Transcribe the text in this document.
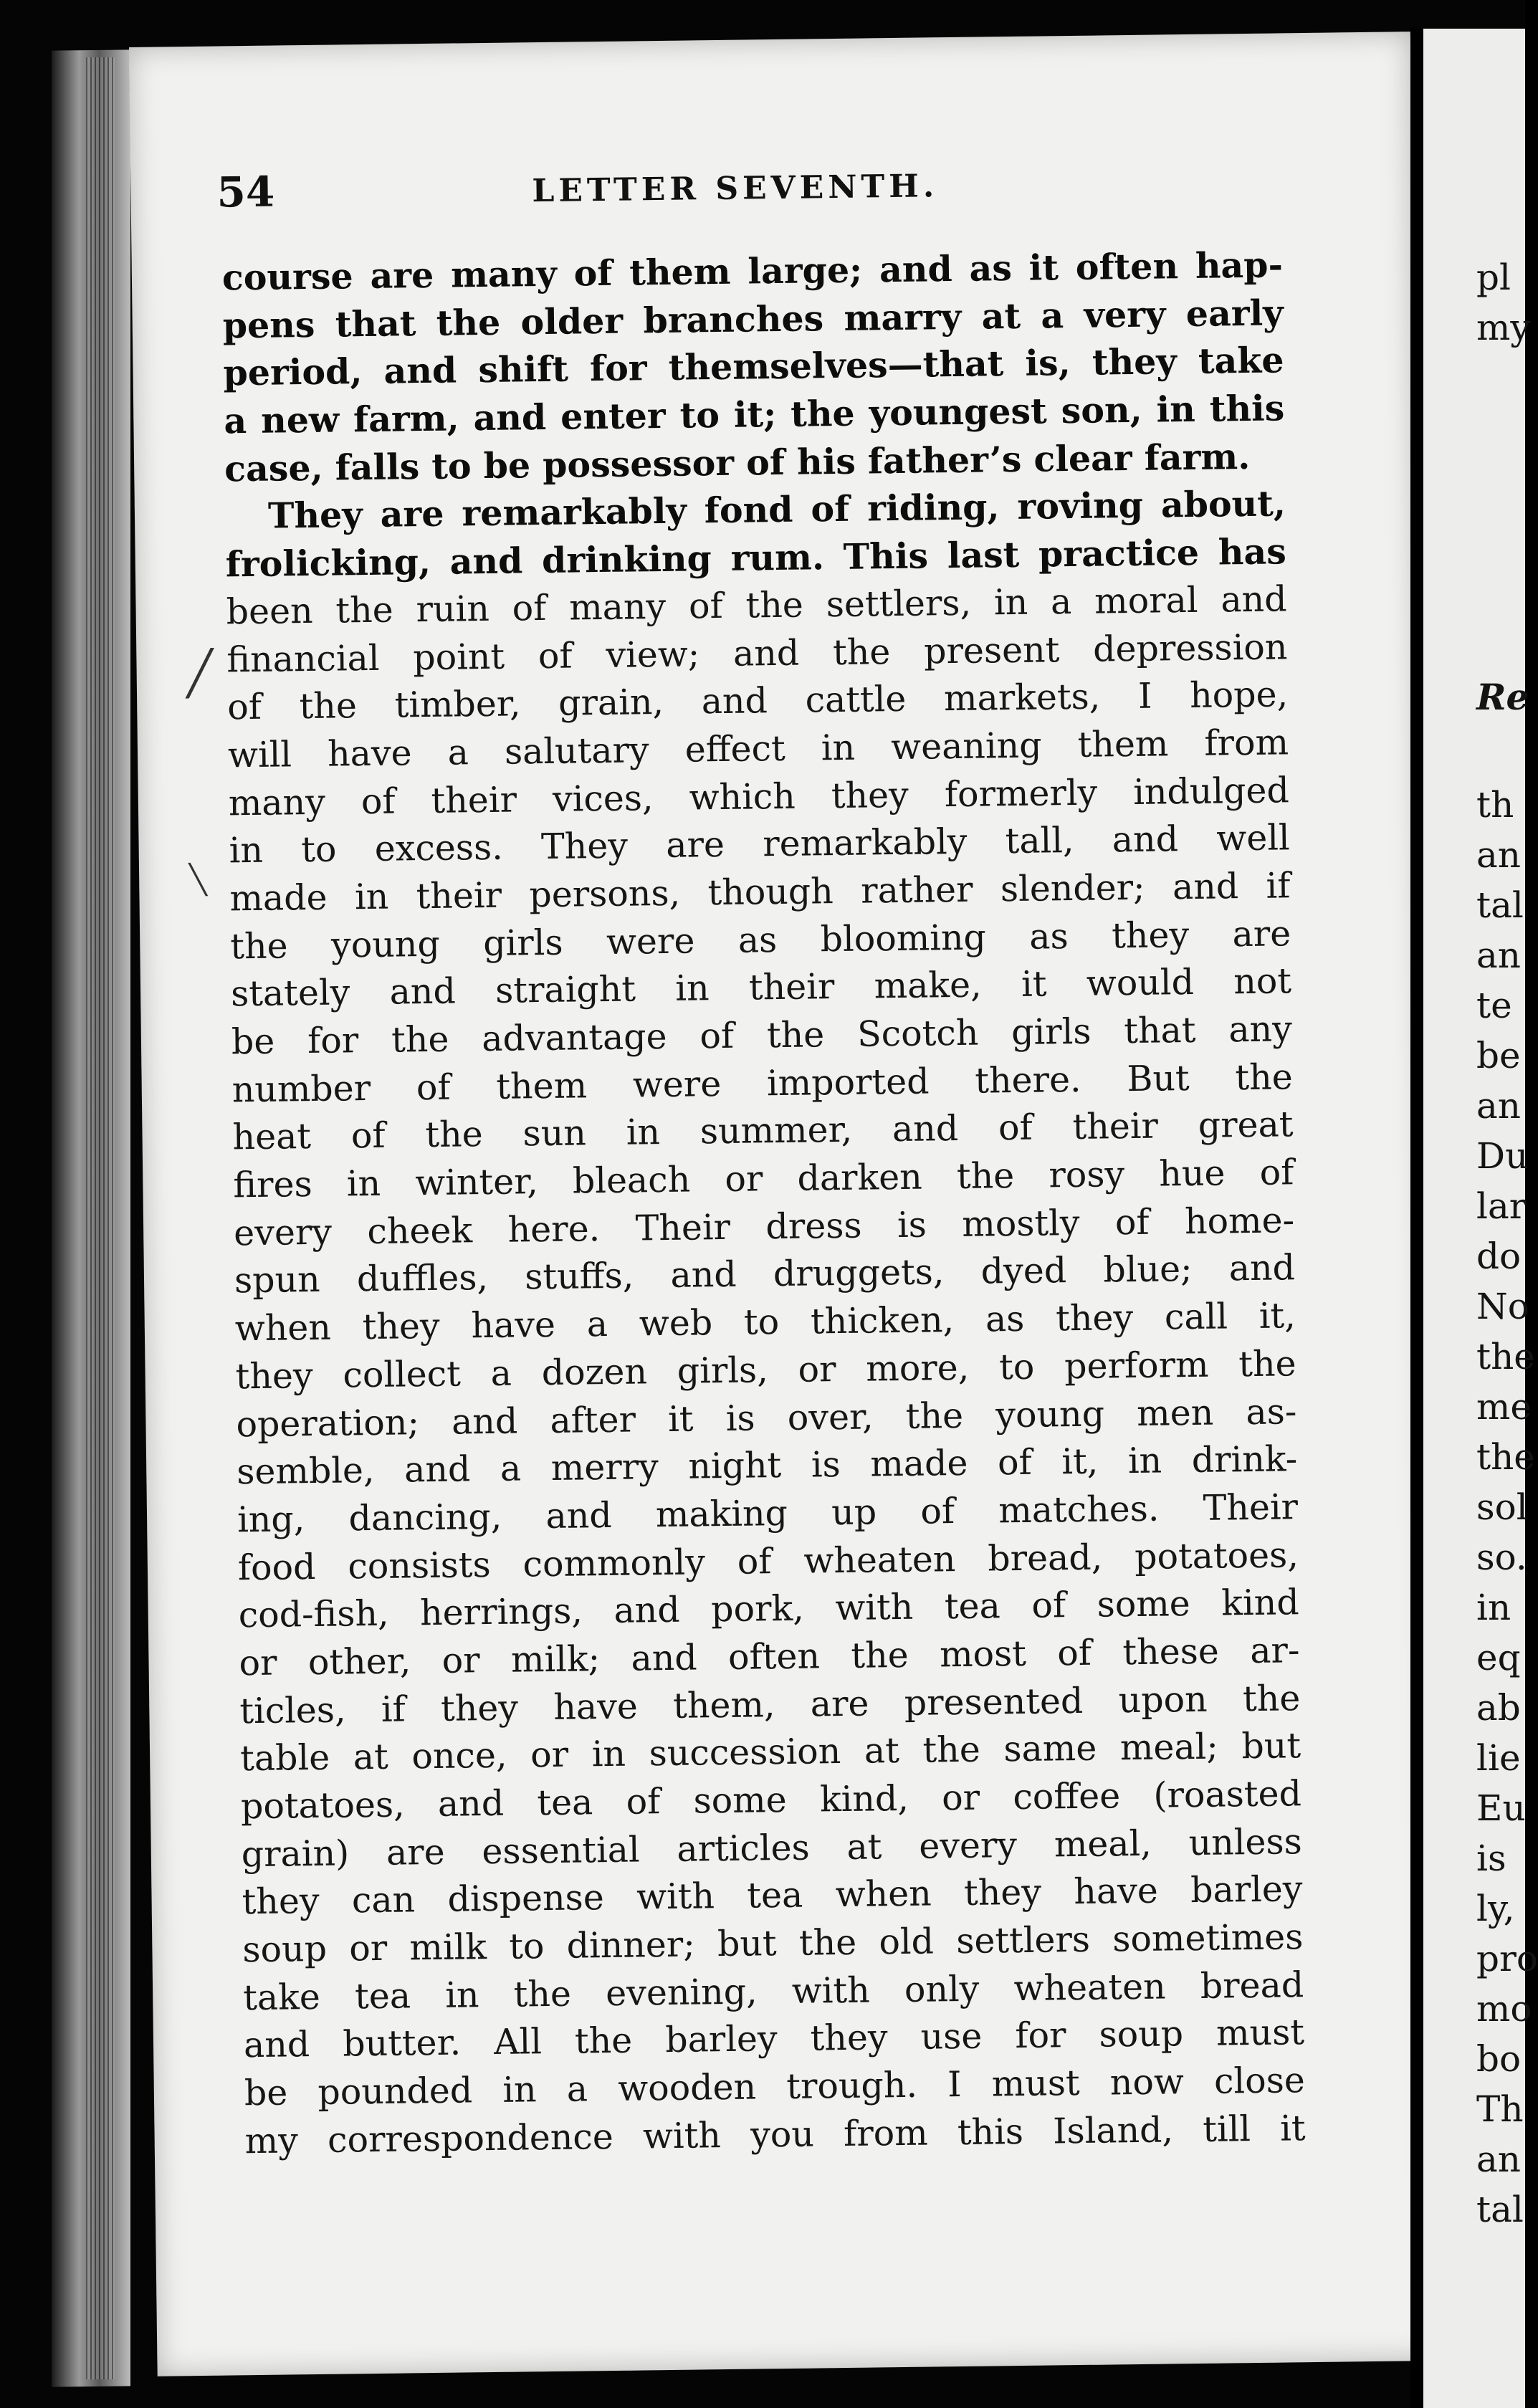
54	LETTER SEVENTH.
╱
╲
course are many of them large; and as it often hap-
pens that the older branches marry at a very early
period, and shift for themselves—that is, they take
a new farm, and enter to it; the youngest son, in this
case, falls to be possessor of his father’s clear farm.
They are remarkably fond of riding, roving about,
frolicking, and drinking rum. This last practice has
been the ruin of many of the settlers, in a moral and
financial point of view; and the present depression
of the timber, grain, and cattle markets, I hope,
will have a salutary effect in weaning them from
many of their vices, which they formerly indulged
in to excess. They are remarkably tall, and well
made in their persons, though rather slender; and if
the young girls were as blooming as they are
stately and straight in their make, it would not
be for the advantage of the Scotch girls that any
number of them were imported there. But the
heat of the sun in summer, and of their great
fires in winter, bleach or darken the rosy hue of
every cheek here. Their dress is mostly of home-
spun duffles, stuffs, and druggets, dyed blue; and
when they have a web to thicken, as they call it,
they collect a dozen girls, or more, to perform the
operation; and after it is over, the young men as-
semble, and a merry night is made of it, in drink-
ing, dancing, and making up of matches. Their
food consists commonly of wheaten bread, potatoes,
cod-fish, herrings, and pork, with tea of some kind
or other, or milk; and often the most of these ar-
ticles, if they have them, are presented upon the
table at once, or in succession at the same meal; but
potatoes, and tea of some kind, or coffee (roasted
grain) are essential articles at every meal, unless
they can dispense with tea when they have barley
soup or milk to dinner; but the old settlers sometimes
take tea in the evening, with only wheaten bread
and butter. All the barley they use for soup must
be pounded in a wooden trough. I must now close
my correspondence with you from this Island, till it
pl
my
Re
th
an
tal
an
te
be
an
Du
lar
do
No
the
me
the
sol
so.
in
eq
ab
lie
Eu
is
ly,
pro
mo
bo
Th
an
tal
